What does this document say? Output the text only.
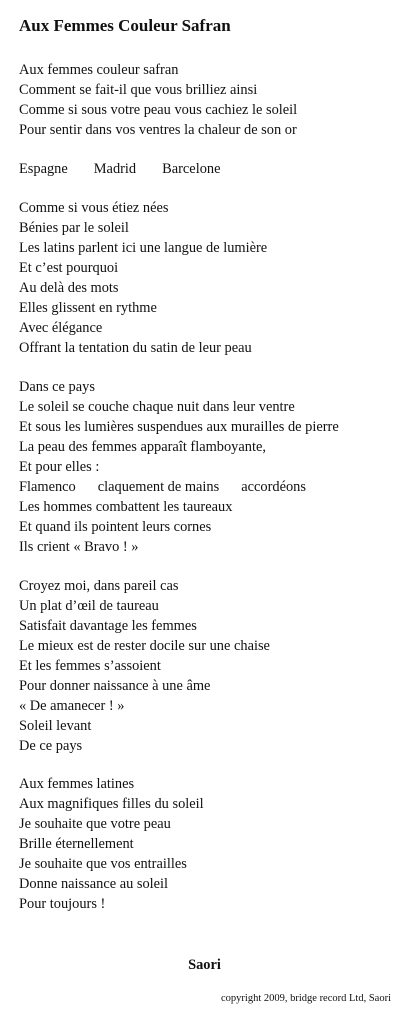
Aux Femmes Couleur Safran
Aux femmes couleur safran
Comment se fait-il que vous brilliez ainsi
Comme si sous votre peau vous cachiez le soleil
Pour sentir dans vos ventres la chaleur de son or
Espagne Madrid Barcelone
Comme si vous étiez nées
Bénies par le soleil
Les latins parlent ici une langue de lumière
Et c’est pourquoi
Au delà des mots
Elles glissent en rythme
Avec élégance
Offrant la tentation du satin de leur peau
Dans ce pays
Le soleil se couche chaque nuit dans leur ventre
Et sous les lumières suspendues aux murailles de pierre
La peau des femmes apparaît flamboyante,
Et pour elles :
Flamenco claquement de mains accordéons
Les hommes combattent les taureaux
Et quand ils pointent leurs cornes
Ils crient « Bravo ! »
Croyez moi, dans pareil cas
Un plat d’œil de taureau
Satisfait davantage les femmes
Le mieux est de rester docile sur une chaise
Et les femmes s’assoient
Pour donner naissance à une âme
« De amanecer ! »
Soleil levant
De ce pays
Aux femmes latines
Aux magnifiques filles du soleil
Je souhaite que votre peau
Brille éternellement
Je souhaite que vos entrailles
Donne naissance au soleil
Pour toujours !
Saori
copyright 2009, bridge record Ltd, Saori
